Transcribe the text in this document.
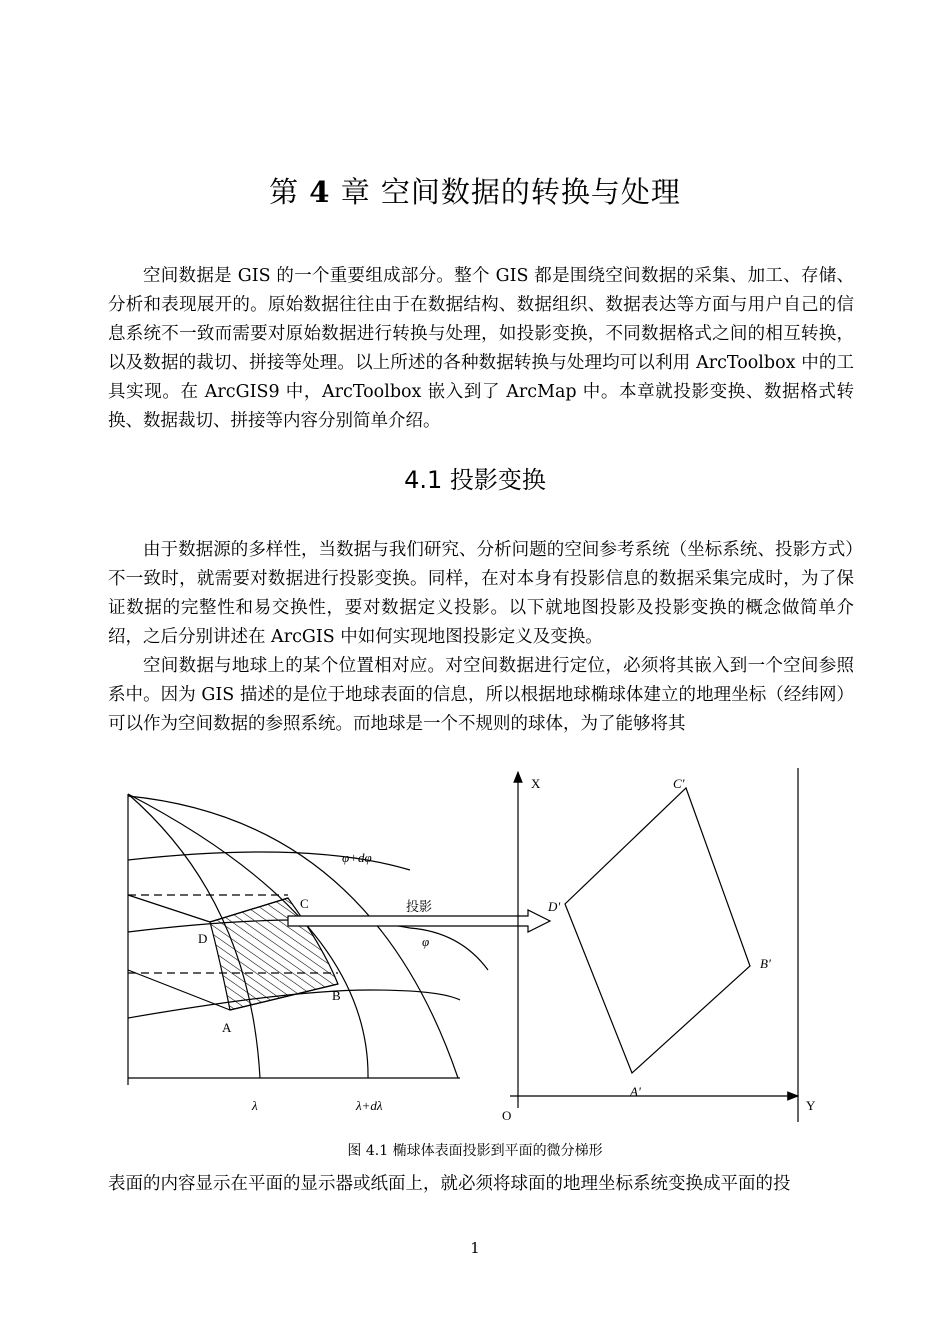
第 4 章 空间数据的转换与处理

空间数据是 GIS 的一个重要组成部分。整个 GIS 都是围绕空间数据的采集、加工、存储、分析和表现展开的。原始数据往往由于在数据结构、数据组织、数据表达等方面与用户自己的信息系统不一致而需要对原始数据进行转换与处理，如投影变换，不同数据格式之间的相互转换，以及数据的裁切、拼接等处理。以上所述的各种数据转换与处理均可以利用 ArcToolbox 中的工具实现。在 ArcGIS9 中，ArcToolbox 嵌入到了 ArcMap 中。本章就投影变换、数据格式转换、数据裁切、拼接等内容分别简单介绍。

4.1 投影变换

由于数据源的多样性，当数据与我们研究、分析问题的空间参考系统（坐标系统、投影方式）不一致时，就需要对数据进行投影变换。同样，在对本身有投影信息的数据采集完成时，为了保证数据的完整性和易交换性，要对数据定义投影。以下就地图投影及投影变换的概念做简单介绍，之后分别讲述在 ArcGIS 中如何实现地图投影定义及变换。

空间数据与地球上的某个位置相对应。对空间数据进行定位，必须将其嵌入到一个空间参照系中。因为 GIS 描述的是位于地球表面的信息，所以根据地球椭球体建立的地理坐标（经纬网）可以作为空间数据的参照系统。而地球是一个不规则的球体，为了能够将其

φ+dφ
φ
λ	λ+dλ
C
D
B
A
投影
X
Y
O
C'
D'
B'
A'
图 4.1 椭球体表面投影到平面的微分梯形

表面的内容显示在平面的显示器或纸面上，就必须将球面的地理坐标系统变换成平面的投

1
